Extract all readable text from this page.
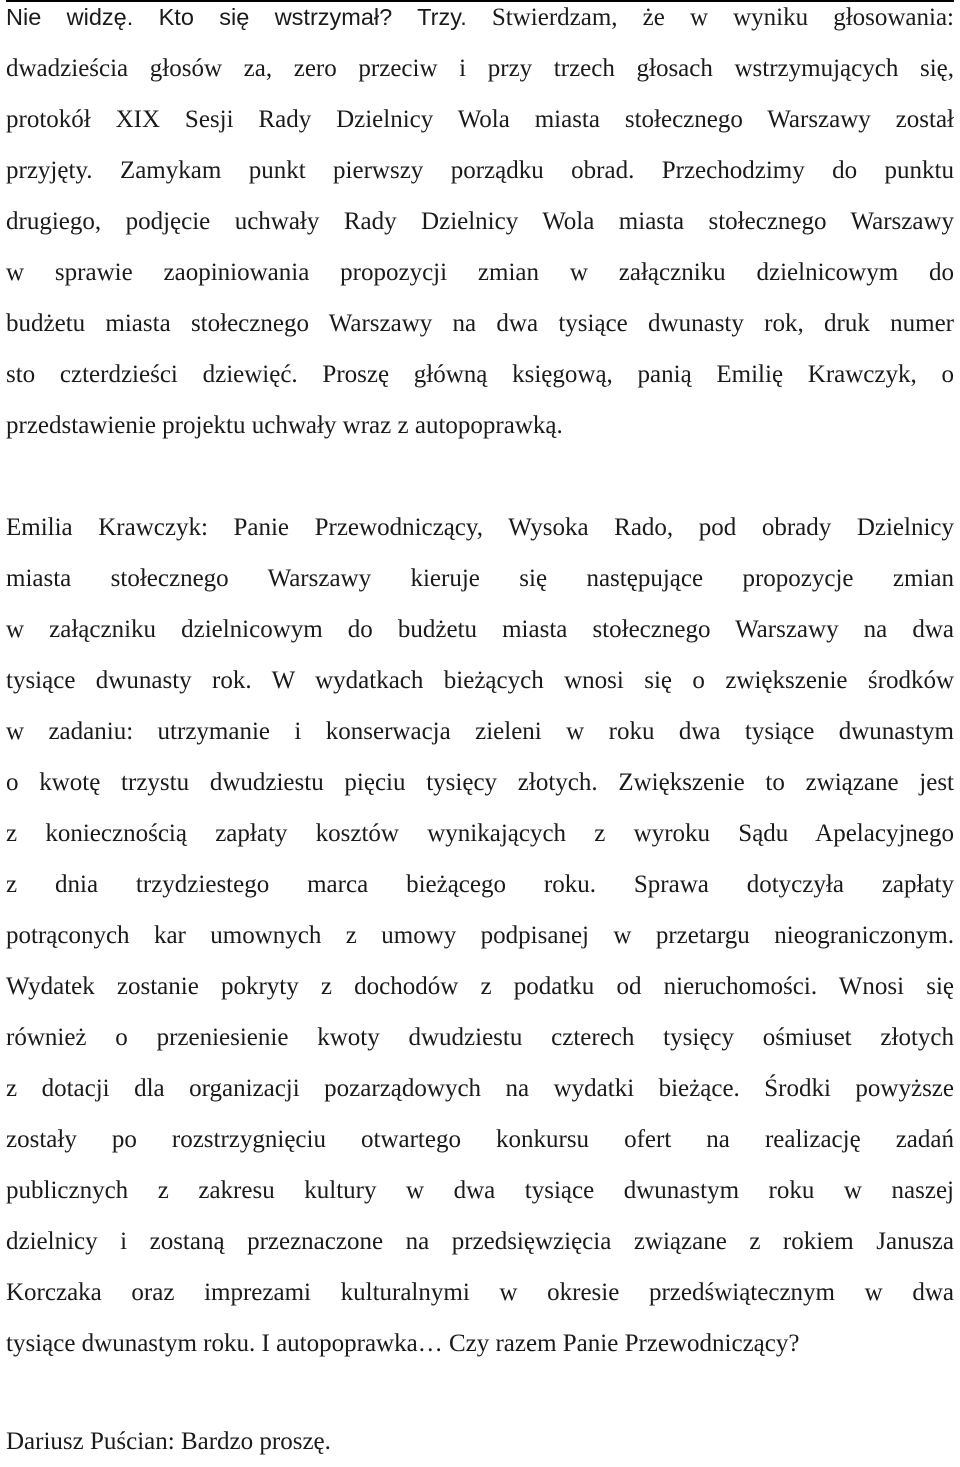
Nie widzę. Kto się wstrzymał? Trzy. Stwierdzam, że w wyniku głosowania:
dwadzieścia głosów za, zero przeciw i przy trzech głosach wstrzymujących się,
protokół XIX Sesji Rady Dzielnicy Wola miasta stołecznego Warszawy został
przyjęty. Zamykam punkt pierwszy porządku obrad. Przechodzimy do punktu
drugiego, podjęcie uchwały Rady Dzielnicy Wola miasta stołecznego Warszawy
w sprawie zaopiniowania propozycji zmian w załączniku dzielnicowym do
budżetu miasta stołecznego Warszawy na dwa tysiące dwunasty rok, druk numer
sto czterdzieści dziewięć. Proszę główną księgową, panią Emilię Krawczyk, o
przedstawienie projektu uchwały wraz z autopoprawką.
Emilia Krawczyk: Panie Przewodniczący, Wysoka Rado, pod obrady Dzielnicy
miasta stołecznego Warszawy kieruje się następujące propozycje zmian
w załączniku dzielnicowym do budżetu miasta stołecznego Warszawy na dwa
tysiące dwunasty rok. W wydatkach bieżących wnosi się o zwiększenie środków
w zadaniu: utrzymanie i konserwacja zieleni w roku dwa tysiące dwunastym
o kwotę trzystu dwudziestu pięciu tysięcy złotych. Zwiększenie to związane jest
z koniecznością zapłaty kosztów wynikających z wyroku Sądu Apelacyjnego
z dnia trzydziestego marca bieżącego roku. Sprawa dotyczyła zapłaty
potrąconych kar umownych z umowy podpisanej w przetargu nieograniczonym.
Wydatek zostanie pokryty z dochodów z podatku od nieruchomości. Wnosi się
również o przeniesienie kwoty dwudziestu czterech tysięcy ośmiuset złotych
z dotacji dla organizacji pozarządowych na wydatki bieżące. Środki powyższe
zostały po rozstrzygnięciu otwartego konkursu ofert na realizację zadań
publicznych z zakresu kultury w dwa tysiące dwunastym roku w naszej
dzielnicy i zostaną przeznaczone na przedsięwzięcia związane z rokiem Janusza
Korczaka oraz imprezami kulturalnymi w okresie przedświątecznym w dwa
tysiące dwunastym roku. I autopoprawka… Czy razem Panie Przewodniczący?
Dariusz Puścian: Bardzo proszę.
